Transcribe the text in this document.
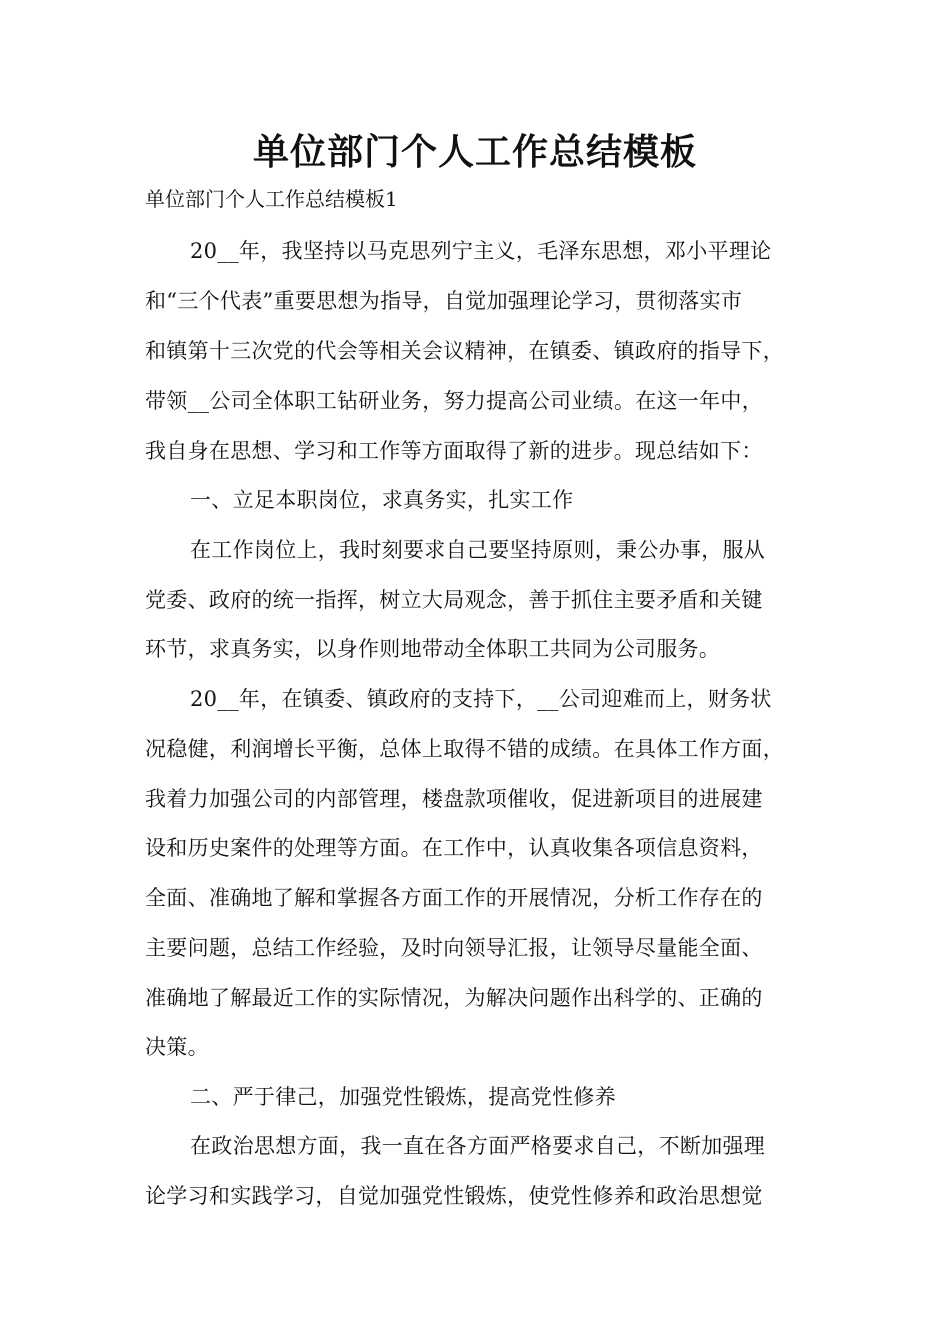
单位部门个人工作总结模板
单位部门个人工作总结模板1
20__年，我坚持以马克思列宁主义，毛泽东思想，邓小平理论
和“三个代表”重要思想为指导，自觉加强理论学习，贯彻落实市
和镇第十三次党的代会等相关会议精神，在镇委、镇政府的指导下，
带领__公司全体职工钻研业务，努力提高公司业绩。在这一年中，
我自身在思想、学习和工作等方面取得了新的进步。现总结如下：
一、立足本职岗位，求真务实，扎实工作
在工作岗位上，我时刻要求自己要坚持原则，秉公办事，服从
党委、政府的统一指挥，树立大局观念，善于抓住主要矛盾和关键
环节，求真务实，以身作则地带动全体职工共同为公司服务。
20__年，在镇委、镇政府的支持下，__公司迎难而上，财务状
况稳健，利润增长平衡，总体上取得不错的成绩。在具体工作方面，
我着力加强公司的内部管理，楼盘款项催收，促进新项目的进展建
设和历史案件的处理等方面。在工作中，认真收集各项信息资料，
全面、准确地了解和掌握各方面工作的开展情况，分析工作存在的
主要问题，总结工作经验，及时向领导汇报，让领导尽量能全面、
准确地了解最近工作的实际情况，为解决问题作出科学的、正确的
决策。
二、严于律己，加强党性锻炼，提高党性修养
在政治思想方面，我一直在各方面严格要求自己，不断加强理
论学习和实践学习，自觉加强党性锻炼，使党性修养和政治思想觉
